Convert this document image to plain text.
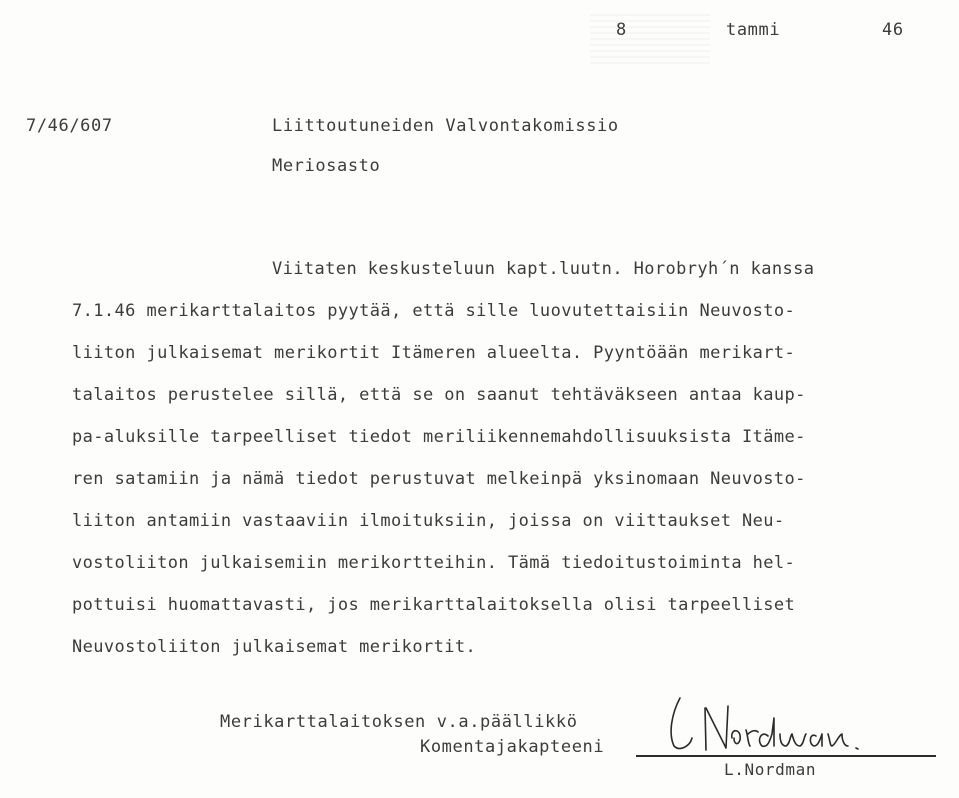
8	tammi	46
7/46/607	Liittoutuneiden Valvontakomissio
Meriosasto
Viitaten keskusteluun kapt.luutn. Horobryh´n kanssa
7.1.46 merikarttalaitos pyytää, että sille luovutettaisiin Neuvosto-
liiton julkaisemat merikortit Itämeren alueelta. Pyyntöään merikart-
talaitos perustelee sillä, että se on saanut tehtäväkseen antaa kaup-
pa-aluksille tarpeelliset tiedot meriliikennemahdollisuuksista Itäme-
ren satamiin ja nämä tiedot perustuvat melkeinpä yksinomaan Neuvosto-
liiton antamiin vastaaviin ilmoituksiin, joissa on viittaukset Neu-
vostoliiton julkaisemiin merikortteihin. Tämä tiedoitustoiminta hel-
pottuisi huomattavasti, jos merikarttalaitoksella olisi tarpeelliset
Neuvostoliiton julkaisemat merikortit.
Merikarttalaitoksen v.a.päällikkö
Komentajakapteeni
L.Nordman
